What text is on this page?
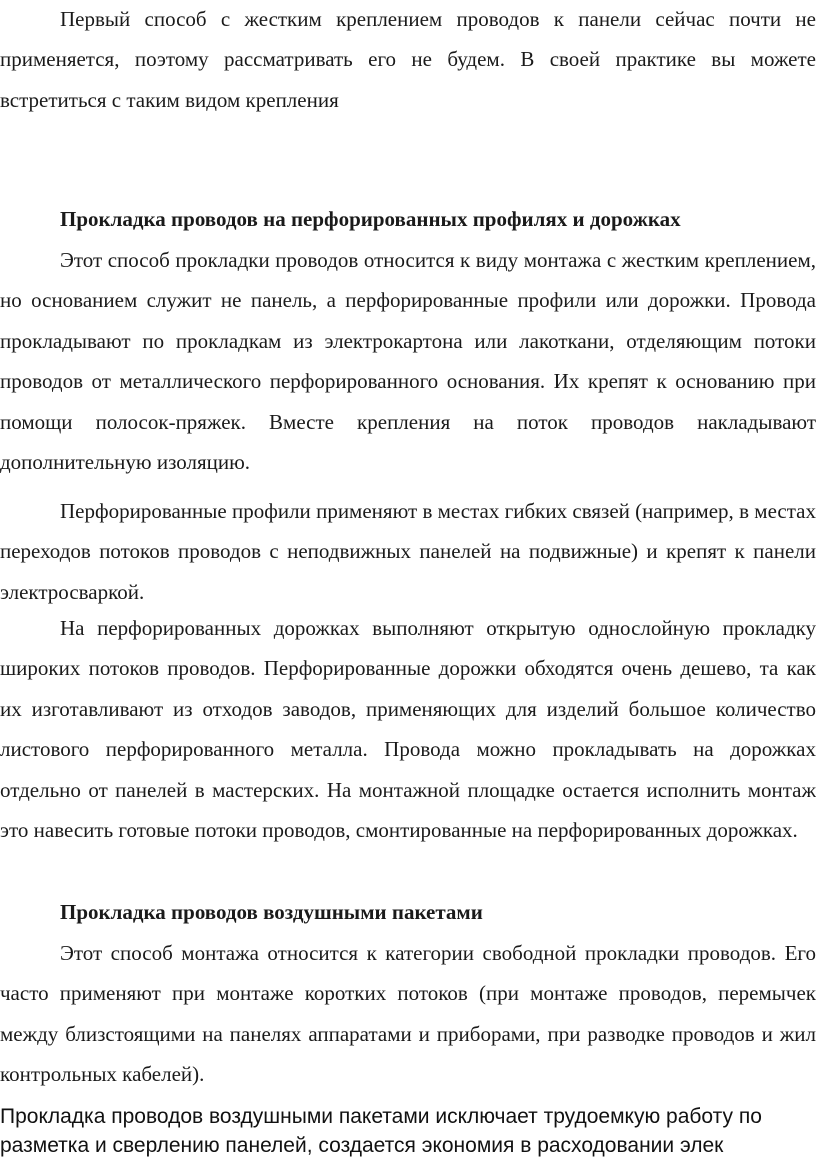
Первый способ с жестким креплением проводов к панели сейчас почти не применяется, поэтому рассматривать его не будем. В своей практике вы можете встретиться с таким видом крепления

Прокладка проводов на перфорированных профилях и дорожках

Этот способ прокладки проводов относится к виду монтажа с жестким креплением, но основанием служит не панель, а перфорированные профили или дорожки. Провода прокладывают по прокладкам из электрокартона или лакоткани, отделяющим потоки проводов от металлического перфорированного основания. Их крепят к основанию при помощи полосок-пряжек. Вместе крепления на поток проводов накладывают дополнительную изоляцию.

Перфорированные профили применяют в местах гибких связей (например, в местах переходов потоков проводов с неподвижных панелей на подвижные) и крепят к панели электросваркой.

На перфорированных дорожках выполняют открытую однослойную прокладку широких потоков проводов. Перфорированные дорожки обходятся очень дешево, та как их изготавливают из отходов заводов, применяющих для изделий большое количество листового перфорированного металла. Провода можно прокладывать на дорожках отдельно от панелей в мастерских. На монтажной площадке остается исполнить монтаж это навесить готовые потоки проводов, смонтированные на перфорированных дорожках.

Прокладка проводов воздушными пакетами

Этот способ монтажа относится к категории свободной прокладки проводов. Его часто применяют при монтаже коротких потоков (при монтаже проводов, перемычек между близстоящими на панелях аппаратами и приборами, при разводке проводов и жил контрольных кабелей).

Прокладка проводов воздушными пакетами исключает трудоемкую работу по разметка и сверлению панелей, создается экономия в расходовании элек
